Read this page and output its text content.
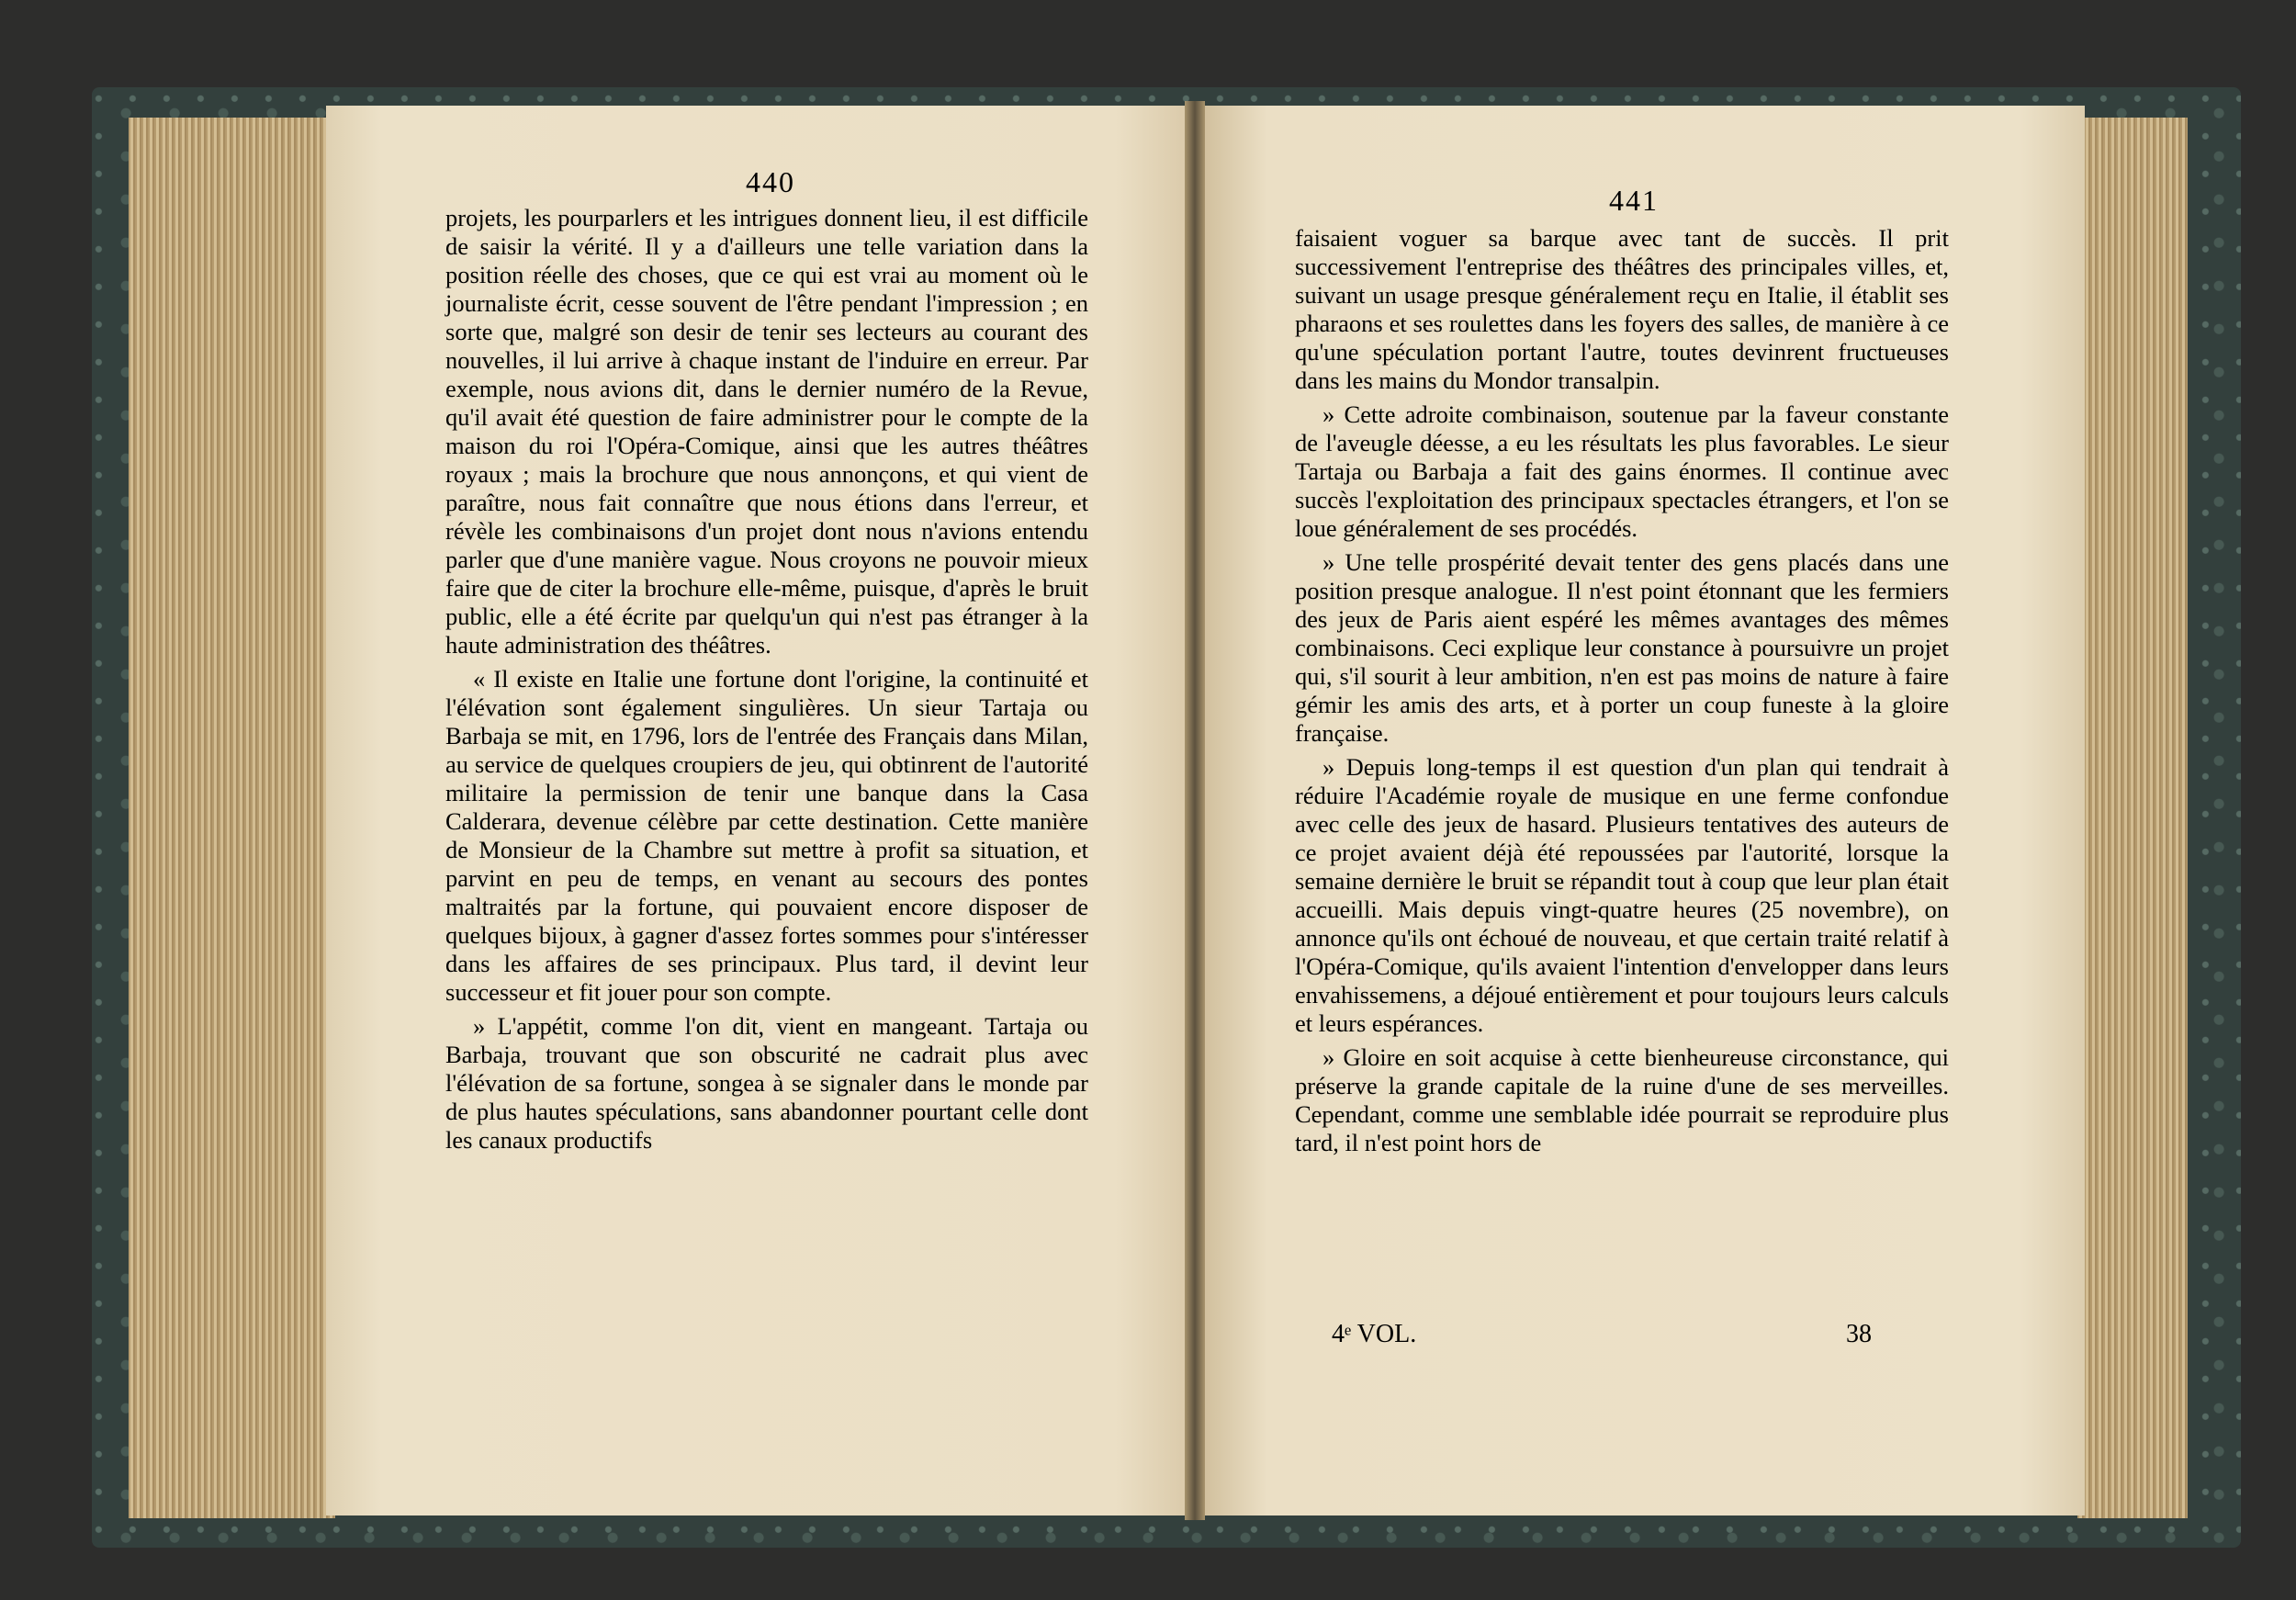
440

projets, les pourparlers et les intrigues donnent lieu, il est difficile de saisir la vérité. Il y a d'ailleurs une telle variation dans la position réelle des choses, que ce qui est vrai au moment où le journaliste écrit, cesse souvent de l'être pendant l'impression ; en sorte que, malgré son desir de tenir ses lecteurs au courant des nouvelles, il lui arrive à chaque instant de l'induire en erreur. Par exemple, nous avions dit, dans le dernier numéro de la Revue, qu'il avait été question de faire administrer pour le compte de la maison du roi l'Opéra-Comique, ainsi que les autres théâtres royaux ; mais la brochure que nous annonçons, et qui vient de paraître, nous fait connaître que nous étions dans l'erreur, et révèle les combinaisons d'un projet dont nous n'avions entendu parler que d'une manière vague. Nous croyons ne pouvoir mieux faire que de citer la brochure elle-même, puisque, d'après le bruit public, elle a été écrite par quelqu'un qui n'est pas étranger à la haute administration des théâtres.

« Il existe en Italie une fortune dont l'origine, la continuité et l'élévation sont également singulières. Un sieur Tartaja ou Barbaja se mit, en 1796, lors de l'entrée des Français dans Milan, au service de quelques croupiers de jeu, qui obtinrent de l'autorité militaire la permission de tenir une banque dans la Casa Calderara, devenue célèbre par cette destination. Cette manière de Monsieur de la Chambre sut mettre à profit sa situation, et parvint en peu de temps, en venant au secours des pontes maltraités par la fortune, qui pouvaient encore disposer de quelques bijoux, à gagner d'assez fortes sommes pour s'intéresser dans les affaires de ses principaux. Plus tard, il devint leur successeur et fit jouer pour son compte.

» L'appétit, comme l'on dit, vient en mangeant. Tartaja ou Barbaja, trouvant que son obscurité ne cadrait plus avec l'élévation de sa fortune, songea à se signaler dans le monde par de plus hautes spéculations, sans abandonner pourtant celle dont les canaux productifs

441

faisaient voguer sa barque avec tant de succès. Il prit successivement l'entreprise des théâtres des principales villes, et, suivant un usage presque généralement reçu en Italie, il établit ses pharaons et ses roulettes dans les foyers des salles, de manière à ce qu'une spéculation portant l'autre, toutes devinrent fructueuses dans les mains du Mondor transalpin.

» Cette adroite combinaison, soutenue par la faveur constante de l'aveugle déesse, a eu les résultats les plus favorables. Le sieur Tartaja ou Barbaja a fait des gains énormes. Il continue avec succès l'exploitation des principaux spectacles étrangers, et l'on se loue généralement de ses procédés.

» Une telle prospérité devait tenter des gens placés dans une position presque analogue. Il n'est point étonnant que les fermiers des jeux de Paris aient espéré les mêmes avantages des mêmes combinaisons. Ceci explique leur constance à poursuivre un projet qui, s'il sourit à leur ambition, n'en est pas moins de nature à faire gémir les amis des arts, et à porter un coup funeste à la gloire française.

» Depuis long-temps il est question d'un plan qui tendrait à réduire l'Académie royale de musique en une ferme confondue avec celle des jeux de hasard. Plusieurs tentatives des auteurs de ce projet avaient déjà été repoussées par l'autorité, lorsque la semaine dernière le bruit se répandit tout à coup que leur plan était accueilli. Mais depuis vingt-quatre heures (25 novembre), on annonce qu'ils ont échoué de nouveau, et que certain traité relatif à l'Opéra-Comique, qu'ils avaient l'intention d'envelopper dans leurs envahissemens, a déjoué entièrement et pour toujours leurs calculs et leurs espérances.

» Gloire en soit acquise à cette bienheureuse circonstance, qui préserve la grande capitale de la ruine d'une de ses merveilles. Cependant, comme une semblable idée pourrait se reproduire plus tard, il n'est point hors de

4ᵉ VOL.	38
